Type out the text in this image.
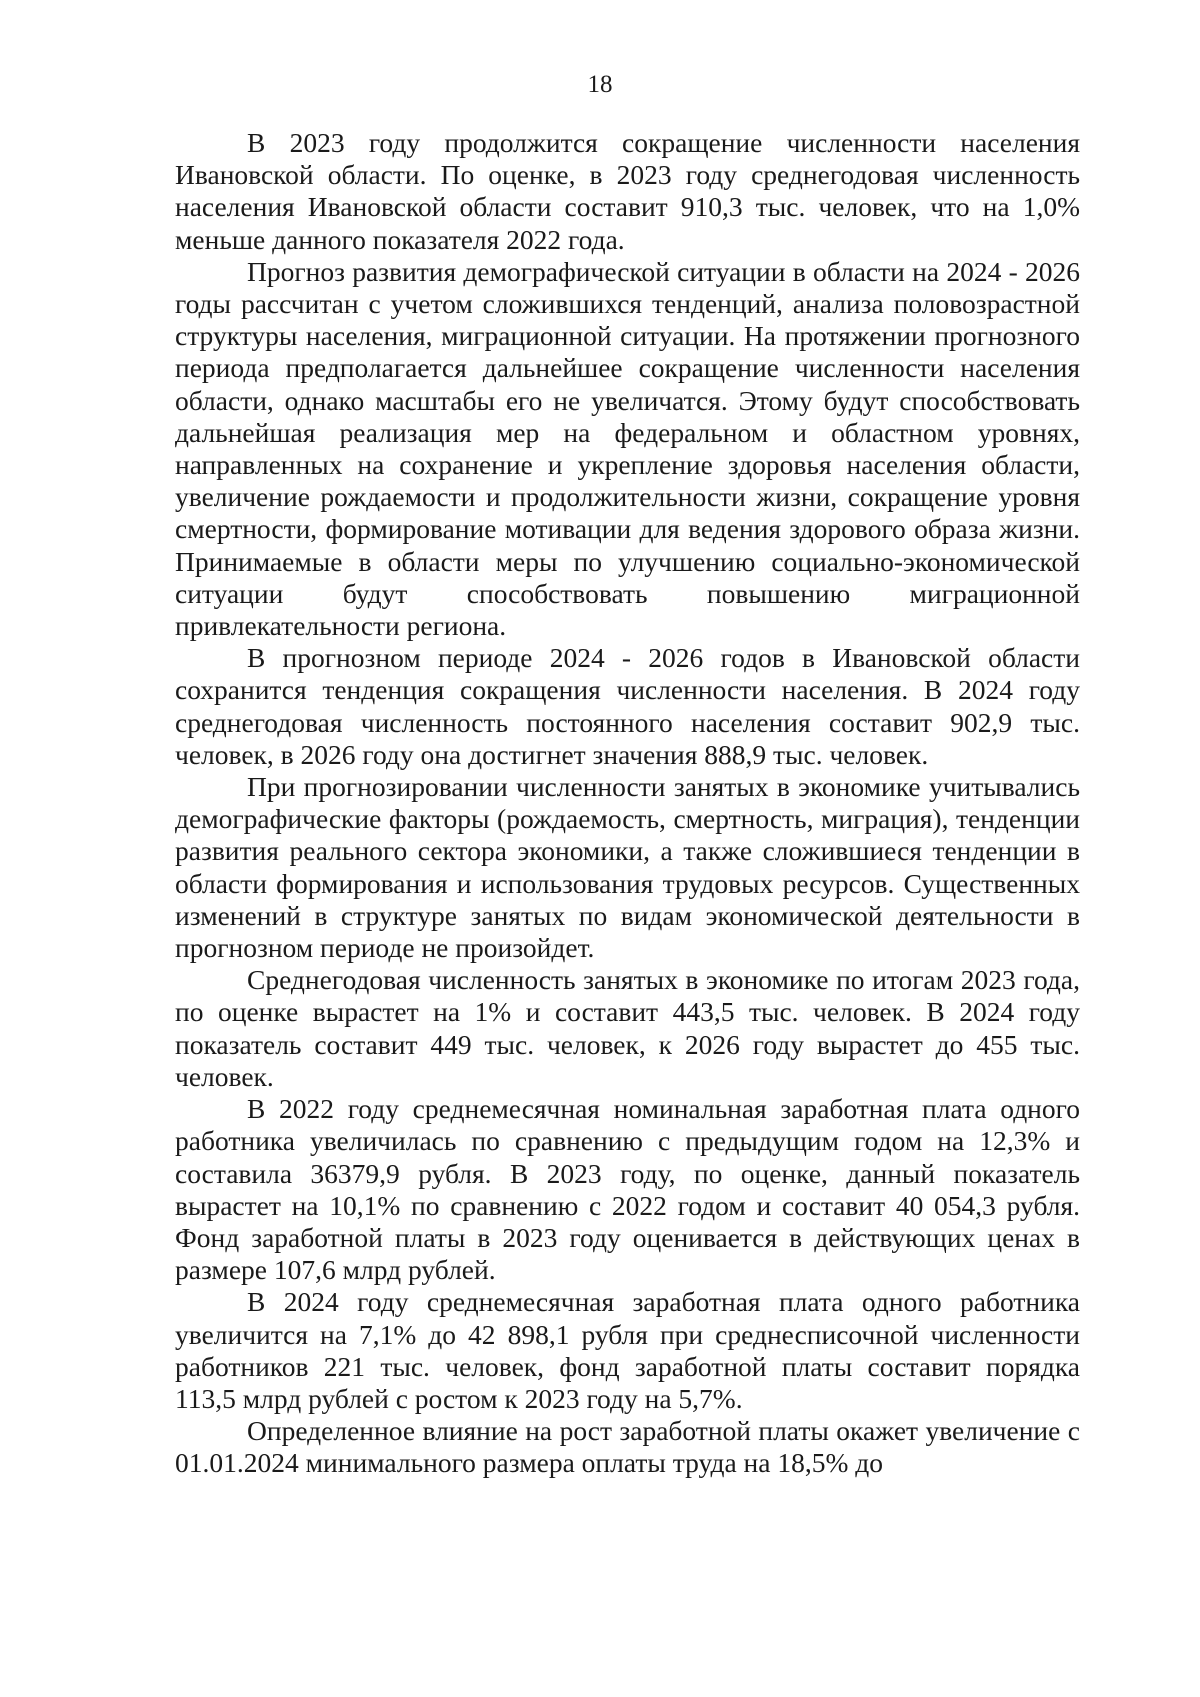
18

В 2023 году продолжится сокращение численности населения Ивановской области. По оценке, в 2023 году среднегодовая численность населения Ивановской области составит 910,3 тыс. человек, что на 1,0% меньше данного показателя 2022 года.

Прогноз развития демографической ситуации в области на 2024 - 2026 годы рассчитан с учетом сложившихся тенденций, анализа половозрастной структуры населения, миграционной ситуации. На протяжении прогнозного периода предполагается дальнейшее сокращение численности населения области, однако масштабы его не увеличатся. Этому будут способствовать дальнейшая реализация мер на федеральном и областном уровнях, направленных на сохранение и укрепление здоровья населения области, увеличение рождаемости и продолжительности жизни, сокращение уровня смертности, формирование мотивации для ведения здорового образа жизни. Принимаемые в области меры по улучшению социально-экономической ситуации будут способствовать повышению миграционной привлекательности региона.

В прогнозном периоде 2024 - 2026 годов в Ивановской области сохранится тенденция сокращения численности населения. В 2024 году среднегодовая численность постоянного населения составит 902,9 тыс. человек, в 2026 году она достигнет значения 888,9 тыс. человек.

При прогнозировании численности занятых в экономике учитывались демографические факторы (рождаемость, смертность, миграция), тенденции развития реального сектора экономики, а также сложившиеся тенденции в области формирования и использования трудовых ресурсов. Существенных изменений в структуре занятых по видам экономической деятельности в прогнозном периоде не произойдет.

Среднегодовая численность занятых в экономике по итогам 2023 года, по оценке вырастет на 1% и составит 443,5 тыс. человек. В 2024 году показатель составит 449 тыс. человек, к 2026 году вырастет до 455 тыс. человек.

В 2022 году среднемесячная номинальная заработная плата одного работника увеличилась по сравнению с предыдущим годом на 12,3% и составила 36379,9 рубля. В 2023 году, по оценке, данный показатель вырастет на 10,1% по сравнению с 2022 годом и составит 40 054,3 рубля. Фонд заработной платы в 2023 году оценивается в действующих ценах в размере 107,6 млрд рублей.

В 2024 году среднемесячная заработная плата одного работника увеличится на 7,1% до 42 898,1 рубля при среднесписочной численности работников 221 тыс. человек, фонд заработной платы составит порядка 113,5 млрд рублей с ростом к 2023 году на 5,7%.

Определенное влияние на рост заработной платы окажет увеличение с 01.01.2024 минимального размера оплаты труда на 18,5% до
